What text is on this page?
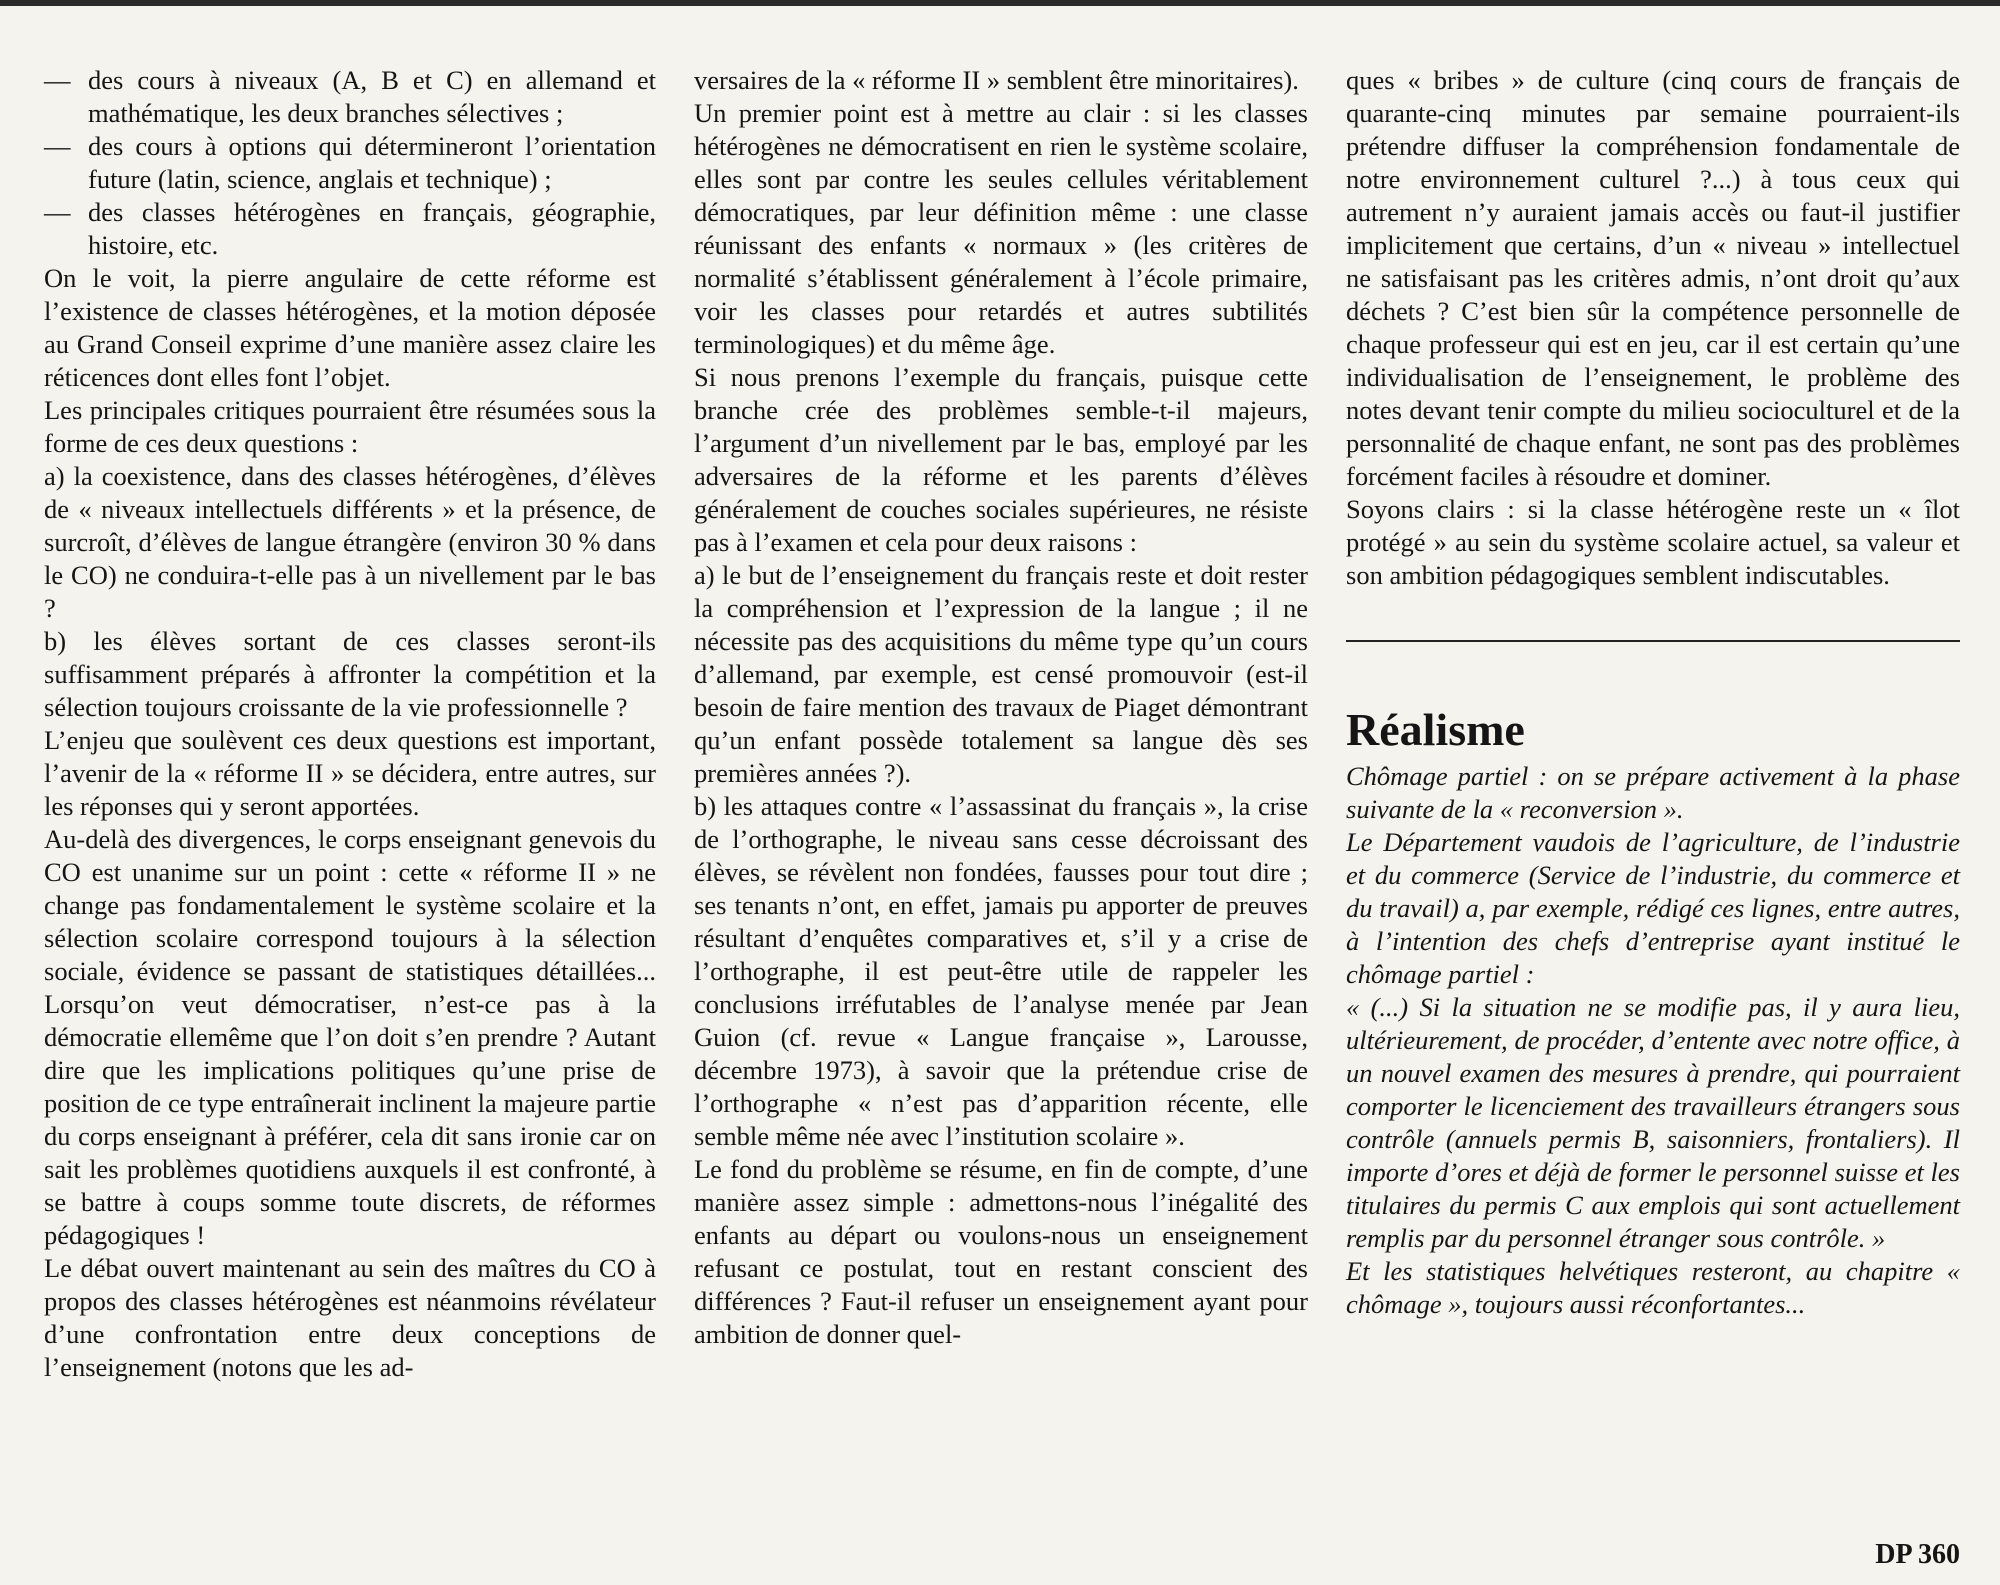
— des cours à niveaux (A, B et C) en allemand et mathématique, les deux branches sélectives ;
— des cours à options qui détermineront l’orientation future (latin, science, anglais et technique) ;
— des classes hétérogènes en français, géographie, histoire, etc.

On le voit, la pierre angulaire de cette réforme est l’existence de classes hétérogènes, et la motion déposée au Grand Conseil exprime d’une manière assez claire les réticences dont elles font l’objet.

Les principales critiques pourraient être résumées sous la forme de ces deux questions :

a) la coexistence, dans des classes hétérogènes, d’élèves de « niveaux intellectuels différents » et la présence, de surcroît, d’élèves de langue étrangère (environ 30 % dans le CO) ne conduira-t-elle pas à un nivellement par le bas ?

b) les élèves sortant de ces classes seront-ils suffisamment préparés à affronter la compétition et la sélection toujours croissante de la vie professionnelle ?

L’enjeu que soulèvent ces deux questions est important, l’avenir de la « réforme II » se décidera, entre autres, sur les réponses qui y seront apportées.

Au-delà des divergences, le corps enseignant genevois du CO est unanime sur un point : cette « réforme II » ne change pas fondamentalement le système scolaire et la sélection scolaire correspond toujours à la sélection sociale, évidence se passant de statistiques détaillées... Lorsqu’on veut démocratiser, n’est-ce pas à la démocratie ellemême que l’on doit s’en prendre ? Autant dire que les implications politiques qu’une prise de position de ce type entraînerait inclinent la majeure partie du corps enseignant à préférer, cela dit sans ironie car on sait les problèmes quotidiens auxquels il est confronté, à se battre à coups somme toute discrets, de réformes pédagogiques !

Le débat ouvert maintenant au sein des maîtres du CO à propos des classes hétérogènes est néanmoins révélateur d’une confrontation entre deux conceptions de l’enseignement (notons que les ad-

versaires de la « réforme II » semblent être minoritaires).

Un premier point est à mettre au clair : si les classes hétérogènes ne démocratisent en rien le système scolaire, elles sont par contre les seules cellules véritablement démocratiques, par leur définition même : une classe réunissant des enfants « normaux » (les critères de normalité s’établissent généralement à l’école primaire, voir les classes pour retardés et autres subtilités terminologiques) et du même âge.

Si nous prenons l’exemple du français, puisque cette branche crée des problèmes semble-t-il majeurs, l’argument d’un nivellement par le bas, employé par les adversaires de la réforme et les parents d’élèves généralement de couches sociales supérieures, ne résiste pas à l’examen et cela pour deux raisons :

a) le but de l’enseignement du français reste et doit rester la compréhension et l’expression de la langue ; il ne nécessite pas des acquisitions du même type qu’un cours d’allemand, par exemple, est censé promouvoir (est-il besoin de faire mention des travaux de Piaget démontrant qu’un enfant possède totalement sa langue dès ses premières années ?).

b) les attaques contre « l’assassinat du français », la crise de l’orthographe, le niveau sans cesse décroissant des élèves, se révèlent non fondées, fausses pour tout dire ; ses tenants n’ont, en effet, jamais pu apporter de preuves résultant d’enquêtes comparatives et, s’il y a crise de l’orthographe, il est peut-être utile de rappeler les conclusions irréfutables de l’analyse menée par Jean Guion (cf. revue « Langue française », Larousse, décembre 1973), à savoir que la prétendue crise de l’orthographe « n’est pas d’apparition récente, elle semble même née avec l’institution scolaire ».

Le fond du problème se résume, en fin de compte, d’une manière assez simple : admettons-nous l’inégalité des enfants au départ ou voulons-nous un enseignement refusant ce postulat, tout en restant conscient des différences ? Faut-il refuser un enseignement ayant pour ambition de donner quel-

ques « bribes » de culture (cinq cours de français de quarante-cinq minutes par semaine pourraient-ils prétendre diffuser la compréhension fondamentale de notre environnement culturel ?...) à tous ceux qui autrement n’y auraient jamais accès ou faut-il justifier implicitement que certains, d’un « niveau » intellectuel ne satisfaisant pas les critères admis, n’ont droit qu’aux déchets ? C’est bien sûr la compétence personnelle de chaque professeur qui est en jeu, car il est certain qu’une individualisation de l’enseignement, le problème des notes devant tenir compte du milieu socioculturel et de la personnalité de chaque enfant, ne sont pas des problèmes forcément faciles à résoudre et dominer.

Soyons clairs : si la classe hétérogène reste un « îlot protégé » au sein du système scolaire actuel, sa valeur et son ambition pédagogiques semblent indiscutables.

Réalisme

Chômage partiel : on se prépare activement à la phase suivante de la « reconversion ».

Le Département vaudois de l’agriculture, de l’industrie et du commerce (Service de l’industrie, du commerce et du travail) a, par exemple, rédigé ces lignes, entre autres, à l’intention des chefs d’entreprise ayant institué le chômage partiel :

« (...) Si la situation ne se modifie pas, il y aura lieu, ultérieurement, de procéder, d’entente avec notre office, à un nouvel examen des mesures à prendre, qui pourraient comporter le licenciement des travailleurs étrangers sous contrôle (annuels permis B, saisonniers, frontaliers). Il importe d’ores et déjà de former le personnel suisse et les titulaires du permis C aux emplois qui sont actuellement remplis par du personnel étranger sous contrôle. »

Et les statistiques helvétiques resteront, au chapitre « chômage », toujours aussi réconfortantes...

DP 360
